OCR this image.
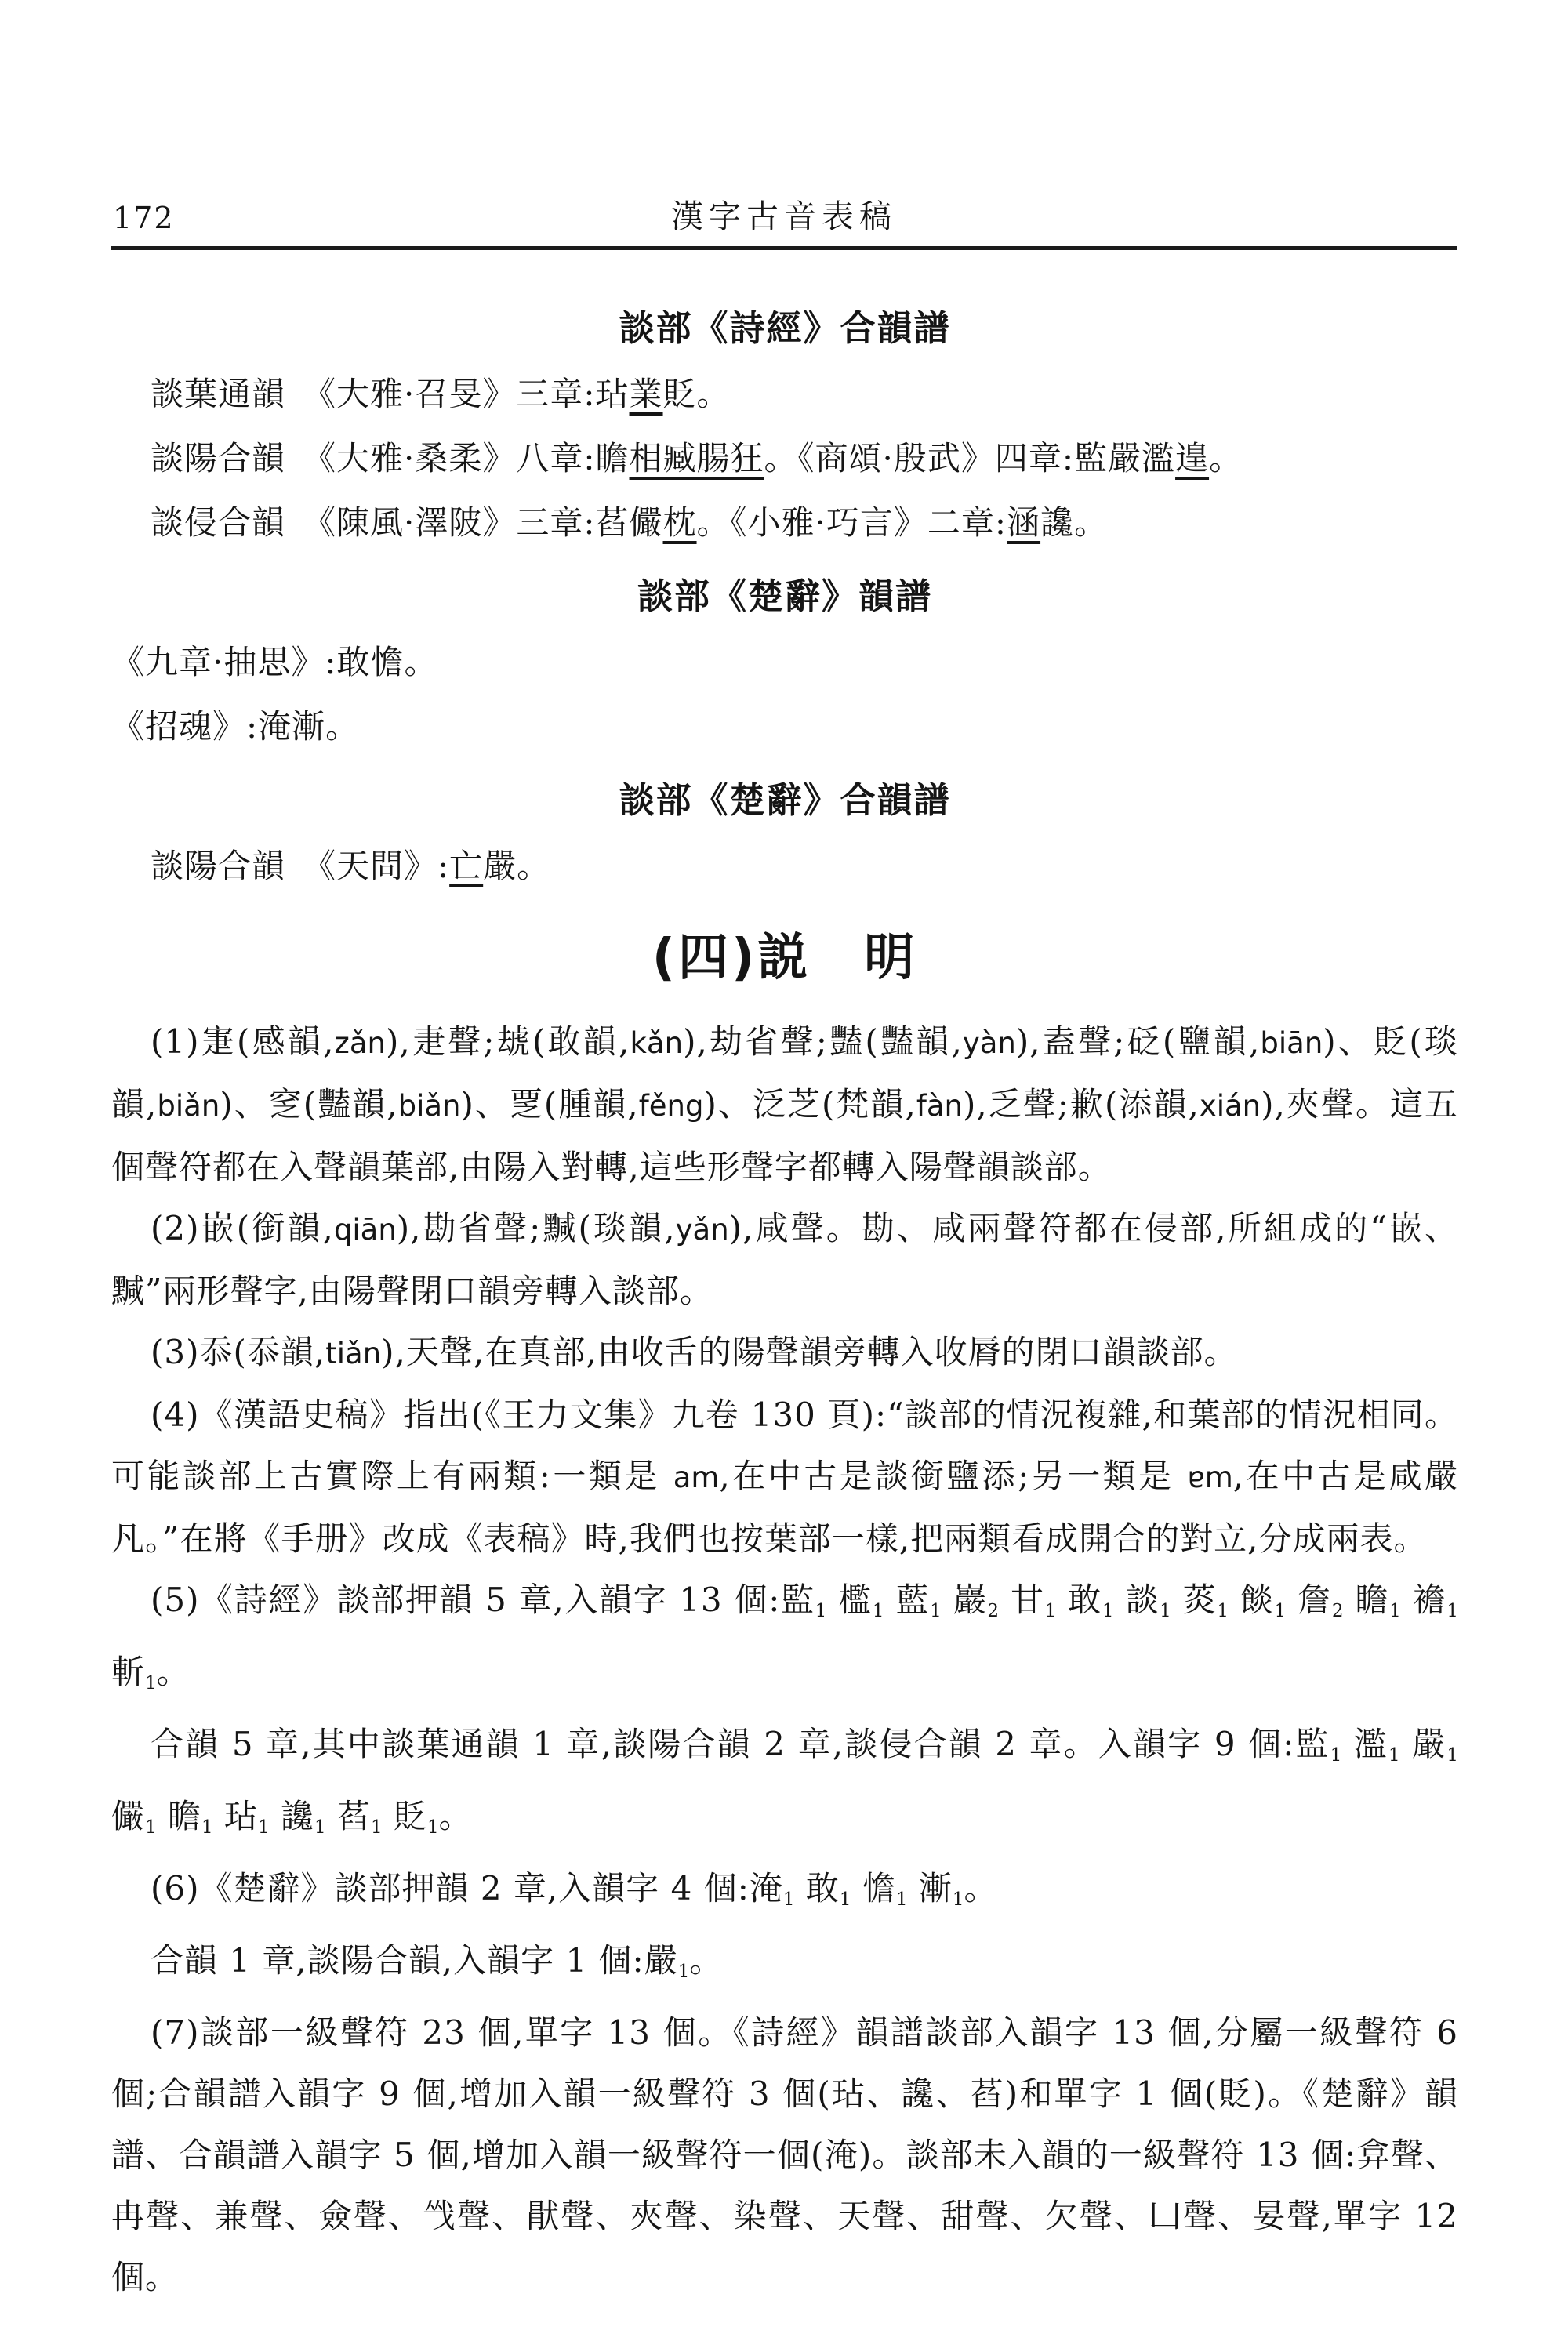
172	漢字古音表稿
談部《詩經》合韻譜
談葉通韻　《大雅·召旻》三章:玷業貶。
談陽合韻　《大雅·桑柔》八章:瞻相臧腸狂。《商頌·殷武》四章:監嚴濫遑。
談侵合韻　《陳風·澤陂》三章:萏儼枕。《小雅·巧言》二章:涵讒。
談部《楚辭》韻譜
《九章·抽思》:敢憺。
《招魂》:淹漸。
談部《楚辭》合韻譜
談陽合韻　《天問》:亡嚴。
(四)説　明
(1)寁(感韻,zǎn),疌聲;䖔(敢韻,kǎn),劫省聲;豔(豔韻,yàn),盍聲;砭(鹽韻,biān)、貶(琰韻,biǎn)、窆(豔韻,biǎn)、覂(腫韻,fěng)、泛芝(梵韻,fàn),乏聲;歉(添韻,xián),夾聲。這五個聲符都在入聲韻葉部,由陽入對轉,這些形聲字都轉入陽聲韻談部。
(2)嵌(銜韻,qiān),勘省聲;黬(琰韻,yǎn),咸聲。勘、咸兩聲符都在侵部,所組成的“嵌、黬”兩形聲字,由陽聲閉口韻旁轉入談部。
(3)忝(忝韻,tiǎn),天聲,在真部,由收舌的陽聲韻旁轉入收脣的閉口韻談部。
(4)《漢語史稿》指出(《王力文集》九卷 130 頁):“談部的情況複雜,和葉部的情況相同。可能談部上古實際上有兩類:一類是 am,在中古是談銜鹽添;另一類是 ɐm,在中古是咸嚴凡。”在將《手册》改成《表稿》時,我們也按葉部一樣,把兩類看成開合的對立,分成兩表。
(5)《詩經》談部押韻 5 章,入韻字 13 個:監1 檻1 藍1 巖2 甘1 敢1 談1 菼1 餤1 詹2 瞻1 襜1 斬1。
合韻 5 章,其中談葉通韻 1 章,談陽合韻 2 章,談侵合韻 2 章。入韻字 9 個:監1 濫1 嚴1 儼1 瞻1 玷1 讒1 萏1 貶1。
(6)《楚辭》談部押韻 2 章,入韻字 4 個:淹1 敢1 憺1 漸1。
合韻 1 章,談陽合韻,入韻字 1 個:嚴1。
(7)談部一級聲符 23 個,單字 13 個。《詩經》韻譜談部入韻字 13 個,分屬一級聲符 6 個;合韻譜入韻字 9 個,增加入韻一級聲符 3 個(玷、讒、萏)和單字 1 個(貶)。《楚辭》韻譜、合韻譜入韻字 5 個,增加入韻一級聲符一個(淹)。談部未入韻的一級聲符 13 個:弇聲、冉聲、兼聲、僉聲、㦰聲、猒聲、夾聲、染聲、天聲、甜聲、欠聲、凵聲、妟聲,單字 12 個。
